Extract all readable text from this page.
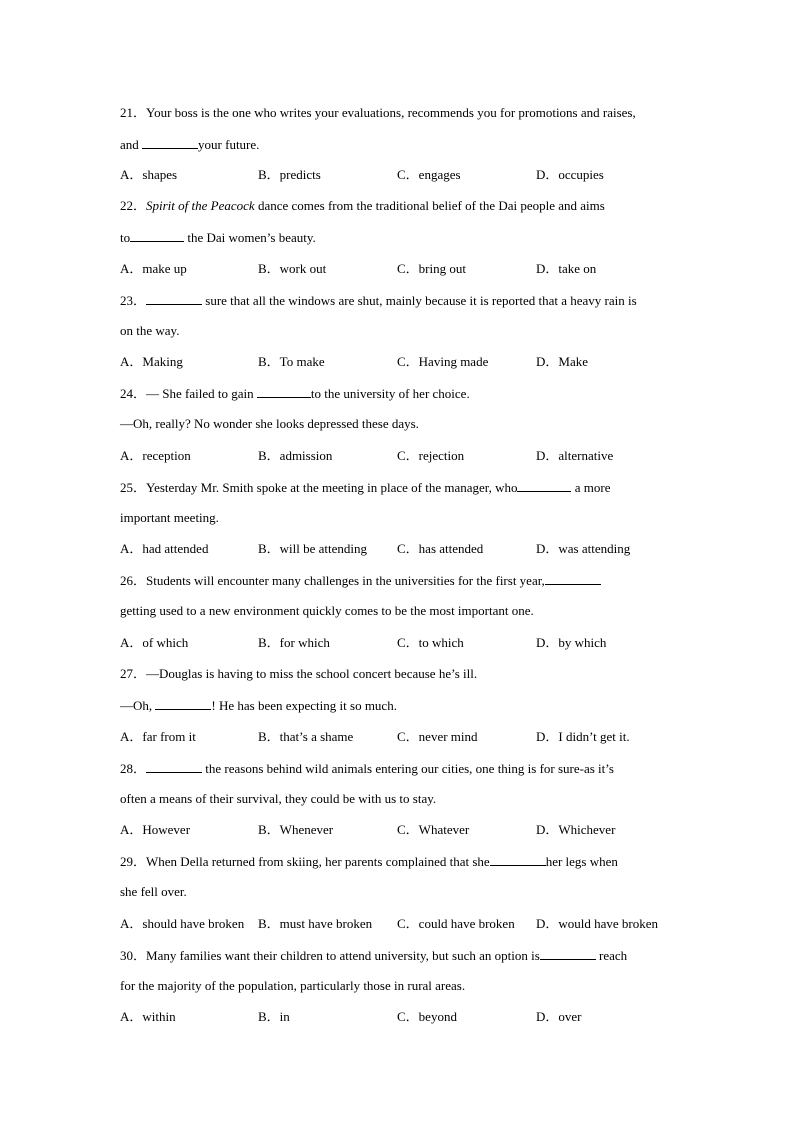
21．Your boss is the one who writes your evaluations, recommends you for promotions and raises,
and	your future.
A．shapes	B．predicts	C．engages	D．occupies
22．Spirit of the Peacock dance comes from the traditional belief of the Dai people and aims
to	the Dai women’s beauty.
A．make up	B．work out	C．bring out	D．take on
23．	sure that all the windows are shut, mainly because it is reported that a heavy rain is
on the way.
A．Making	B．To make	C．Having made	D．Make
24．— She failed to gain	to the university of her choice.
—Oh, really? No wonder she looks depressed these days.
A．reception	B．admission	C．rejection	D．alternative
25．Yesterday Mr. Smith spoke at the meeting in place of the manager, who	a more
important meeting.
A．had attended	B．will be attending C．has attended	D．was attending
26．Students will encounter many challenges in the universities for the first year,
getting used to a new environment quickly comes to be the most important one.
A．of which	B．for which	C．to which	D．by which
27．—Douglas is having to miss the school concert because he’s ill.
—Oh,	! He has been expecting it so much.
A．far from it	B．that’s a shame	C．never mind	D．I didn’t get it.
28．	the reasons behind wild animals entering our cities, one thing is for sure-as it’s
often a means of their survival, they could be with us to stay.
A．However	B．Whenever	C．Whatever	D．Whichever
29．When Della returned from skiing, her parents complained that she	her legs when
she fell over.
A．should have broken B．must have broken C．could have broken D．would have broken
30．Many families want their children to attend university, but such an option is	reach
for the majority of the population, particularly those in rural areas.
A．within	B．in	C．beyond	D．over
